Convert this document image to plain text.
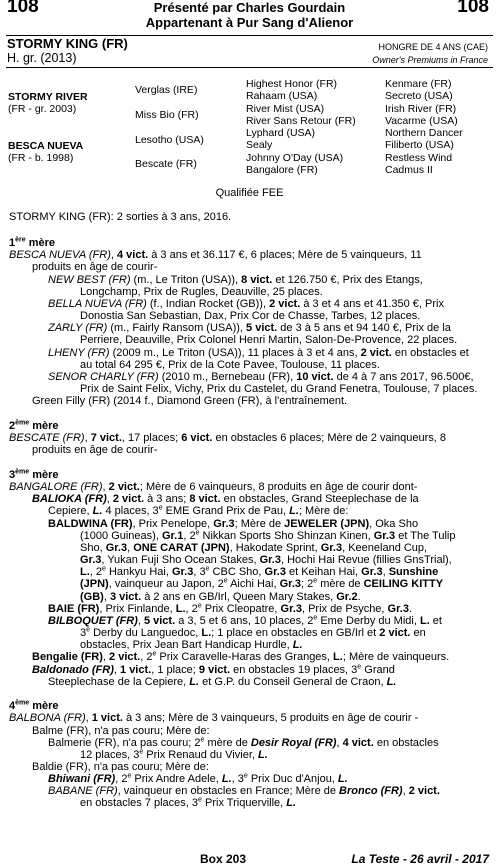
108	108
Présenté par Charles Gourdain
Appartenant à Pur Sang d'Alienor
STORMY KING (FR)
H. gr. (2013)
HONGRE DE 4 ANS (CAE)
Owner's Premiums in France
STORMY RIVER
(FR - gr. 2003)
BESCA NUEVA
(FR - b. 1998)
Verglas (IRE)
Miss Bio (FR)
Lesotho (USA)
Bescate (FR)
Highest Honor (FR)
Rahaam (USA)
River Mist (USA)
River Sans Retour (FR)
Lyphard (USA)
Sealy
Johnny O'Day (USA)
Bangalore (FR)
Kenmare (FR)
Secreto (USA)
Irish River (FR)
Vacarme (USA)
Northern Dancer
Filiberto (USA)
Restless Wind
Cadmus II
Qualifiée FEE
STORMY KING (FR): 2 sorties à 3 ans, 2016.
1ère mère
BESCA NUEVA (FR), 4 vict. à 3 ans et 36.117 €, 6 places; Mère de 5 vainqueurs, 11
produits en âge de courir-
NEW BEST (FR) (m., Le Triton (USA)), 8 vict. et 126.750 €, Prix des Etangs,
Longchamp, Prix de Rugles, Deauville, 25 places.
BELLA NUEVA (FR) (f., Indian Rocket (GB)), 2 vict. à 3 et 4 ans et 41.350 €, Prix
Donostia San Sebastian, Dax, Prix Cor de Chasse, Tarbes, 12 places.
ZARLY (FR) (m., Fairly Ransom (USA)), 5 vict. de 3 à 5 ans et 94 140 €, Prix de la
Perriere, Deauville, Prix Colonel Henri Martin, Salon-De-Provence, 22 places.
LHENY (FR) (2009 m., Le Triton (USA)), 11 places à 3 et 4 ans, 2 vict. en obstacles et
au total 64 295 €, Prix de la Cote Pavee, Toulouse, 11 places.
SENOR CHARLY (FR) (2010 m., Bernebeau (FR), 10 vict. de 4 à 7 ans 2017, 96.500€,
Prix de Saint Felix, Vichy, Prix du Castelet, du Grand Fenetra, Toulouse, 7 places.
Green Filly (FR) (2014 f., Diamond Green (FR), à l'entraînement.
2ème mère
BESCATE (FR), 7 vict., 17 places; 6 vict. en obstacles 6 places; Mère de 2 vainqueurs, 8
produits en âge de courir-
3ème mère
BANGALORE (FR), 2 vict.; Mère de 6 vainqueurs, 8 produits en âge de courir dont-
BALIOKA (FR), 2 vict. à 3 ans; 8 vict. en obstacles, Grand Steeplechase de la
Cepiere, L. 4 places, 3e EME Grand Prix de Pau, L.; Mère de:
BALDWINA (FR), Prix Penelope, Gr.3; Mère de JEWELER (JPN), Oka Sho
(1000 Guineas), Gr.1, 2e Nikkan Sports Sho Shinzan Kinen, Gr.3 et The Tulip
Sho, Gr.3, ONE CARAT (JPN), Hakodate Sprint, Gr.3, Keeneland Cup,
Gr.3, Yukan Fuji Sho Ocean Stakes, Gr.3, Hochi Hai Revue (fillies GnsTrial),
L., 2e Hankyu Hai, Gr.3, 3e CBC Sho, Gr.3 et Keihan Hai, Gr.3, Sunshine
(JPN), vainqueur au Japon, 2e Aichi Hai, Gr.3; 2e mère de CEILING KITTY
(GB), 3 vict. à 2 ans en GB/Irl, Queen Mary Stakes, Gr.2.
BAIE (FR), Prix Finlande, L., 2e Prix Cleopatre, Gr.3, Prix de Psyche, Gr.3.
BILBOQUET (FR), 5 vict. a 3, 5 et 6 ans, 10 places, 2e Eme Derby du Midi, L. et
3e Derby du Languedoc, L.; 1 place en obstacles en GB/Irl et 2 vict. en
obstacles, Prix Jean Bart Handicap Hurdle, L.
Bengalie (FR), 2 vict., 2e Prix Caravelle-Haras des Granges, L.; Mère de vainqueurs.
Baldonado (FR), 1 vict., 1 place; 9 vict. en obstacles 19 places, 3e Grand
Steeplechase de la Cepiere, L. et G.P. du Conseil General de Craon, L.
4ème mère
BALBONA (FR), 1 vict. à 3 ans; Mère de 3 vainqueurs, 5 produits en âge de courir -
Balme (FR), n'a pas couru; Mère de:
Balmerie (FR), n'a pas couru; 2e mère de Desir Royal (FR), 4 vict. en obstacles
12 places, 3e Prix Renaud du Vivier, L.
Baldie (FR), n'a pas couru; Mère de:
Bhiwani (FR), 2e Prix Andre Adele, L., 3e Prix Duc d'Anjou, L.
BABANE (FR), vainqueur en obstacles en France; Mère de Bronco (FR), 2 vict.
en obstacles 7 places, 3e Prix Triquerville, L.
Box 203	La Teste - 26 avril - 2017
